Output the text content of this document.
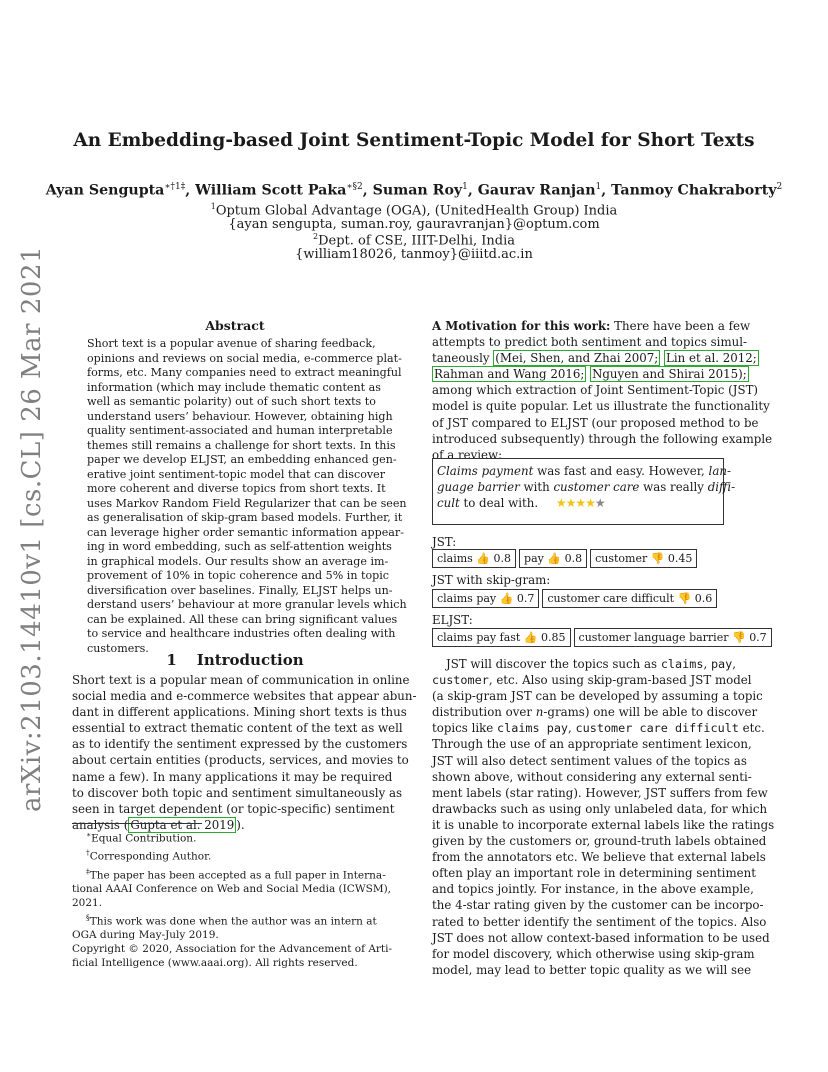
arXiv:2103.14410v1 [cs.CL] 26 Mar 2021
An Embedding-based Joint Sentiment-Topic Model for Short Texts
Ayan Sengupta$^{∗\dagger 1\ddagger}$, William Scott Paka$^{∗\S 2}$, Suman Roy$^1$, Gaurav Ranjan$^1$, Tanmoy Chakraborty$^2$
$^1$Optum Global Advantage (OGA), (UnitedHealth Group) India
{ayan sengupta, suman.roy, gauravranjan}@optum.com
$^2$Dept. of CSE, IIIT-Delhi, India
{william18026, tanmoy}@iiitd.ac.in
Abstract
Short text is a popular avenue of sharing feedback,
opinions and reviews on social media, e-commerce plat-
forms, etc. Many companies need to extract meaningful
information (which may include thematic content as
well as semantic polarity) out of such short texts to
understand users’ behaviour. However, obtaining high
quality sentiment-associated and human interpretable
themes still remains a challenge for short texts. In this
paper we develop ELJST, an embedding enhanced gen-
erative joint sentiment-topic model that can discover
more coherent and diverse topics from short texts. It
uses Markov Random Field Regularizer that can be seen
as generalisation of skip-gram based models. Further, it
can leverage higher order semantic information appear-
ing in word embedding, such as self-attention weights
in graphical models. Our results show an average im-
provement of 10% in topic coherence and 5% in topic
diversification over baselines. Finally, ELJST helps un-
derstand users’ behaviour at more granular levels which
can be explained. All these can bring significant values
to service and healthcare industries often dealing with
customers.
1 Introduction
Short text is a popular mean of communication in online
social media and e-commerce websites that appear abun-
dant in different applications. Mining short texts is thus
essential to extract thematic content of the text as well
as to identify the sentiment expressed by the customers
about certain entities (products, services, and movies to
name a few). In many applications it may be required
to discover both topic and sentiment simultaneously as
seen in target dependent (or topic-specific) sentiment
analysis ( Gupta et al. 2019 ).
∗Equal Contribution.
†Corresponding Author.
‡The paper has been accepted as a full paper in Interna-
tional AAAI Conference on Web and Social Media (ICWSM),
2021.
§This work was done when the author was an intern at
OGA during May-July 2019.
Copyright © 2020, Association for the Advancement of Arti-
ficial Intelligence (www.aaai.org). All rights reserved.
A Motivation for this work: There have been a few
attempts to predict both sentiment and topics simul-
taneously (Mei, Shen, and Zhai 2007; Lin et al. 2012;
Rahman and Wang 2016; Nguyen and Shirai 2015);
among which extraction of Joint Sentiment-Topic (JST)
model is quite popular. Let us illustrate the functionality
of JST compared to ELJST (our proposed method to be
introduced subsequently) through the following example
of a review:
Claims payment was fast and easy. However, lan-
guage barrier with customer care was really diffi-
cult to deal with. ★★★★★
JST:
claims 👍 0.8	pay 👍 0.8	customer 👎 0.45
JST with skip-gram:
claims pay 👍 0.7	customer care difficult 👎 0.6
ELJST:
claims pay fast 👍 0.85	customer language barrier 👎 0.7
JST will discover the topics such as claims, pay,
customer, etc. Also using skip-gram-based JST model
(a skip-gram JST can be developed by assuming a topic
distribution over n-grams) one will be able to discover
topics like claims pay, customer care difficult etc.
Through the use of an appropriate sentiment lexicon,
JST will also detect sentiment values of the topics as
shown above, without considering any external senti-
ment labels (star rating). However, JST suffers from few
drawbacks such as using only unlabeled data, for which
it is unable to incorporate external labels like the ratings
given by the customers or, ground-truth labels obtained
from the annotators etc. We believe that external labels
often play an important role in determining sentiment
and topics jointly. For instance, in the above example,
the 4-star rating given by the customer can be incorpo-
rated to better identify the sentiment of the topics. Also
JST does not allow context-based information to be used
for model discovery, which otherwise using skip-gram
model, may lead to better topic quality as we will see
